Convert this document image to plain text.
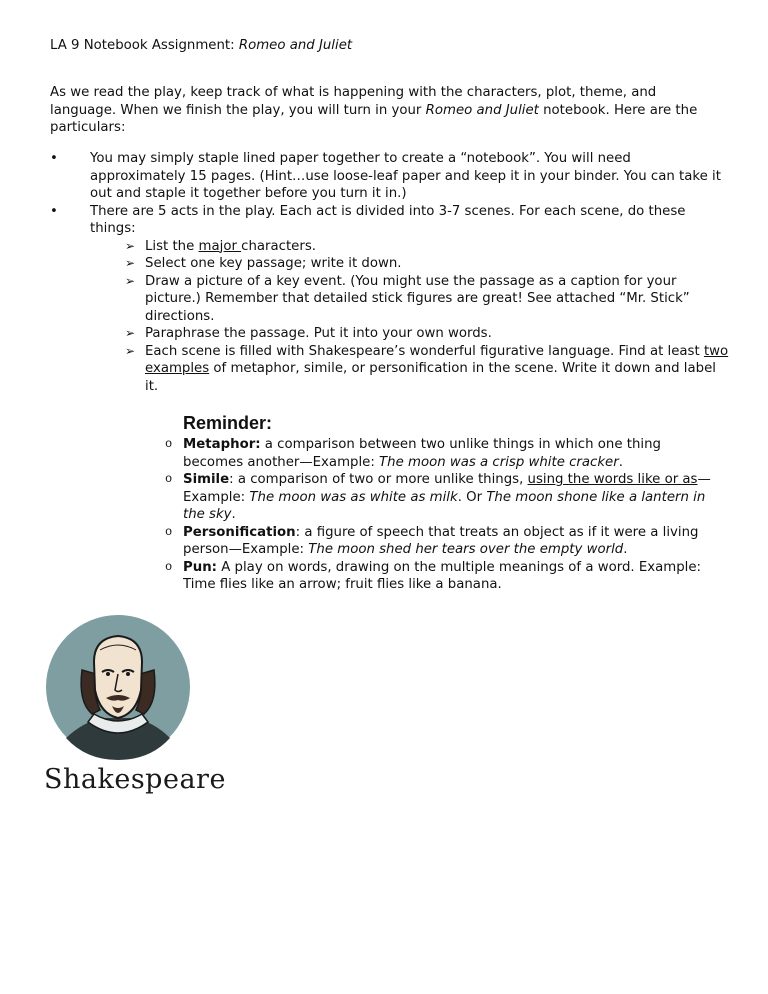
LA 9 Notebook Assignment: Romeo and Juliet

As we read the play, keep track of what is happening with the characters, plot, theme, and language. When we finish the play, you will turn in your Romeo and Juliet notebook. Here are the particulars:

• You may simply staple lined paper together to create a “notebook”. You will need approximately 15 pages. (Hint…use loose-leaf paper and keep it in your binder. You can take it out and staple it together before you turn it in.)
• There are 5 acts in the play. Each act is divided into 3-7 scenes. For each scene, do these things:
➢ List the major characters.
➢ Select one key passage; write it down.
➢ Draw a picture of a key event. (You might use the passage as a caption for your picture.) Remember that detailed stick figures are great! See attached “Mr. Stick” directions.
➢ Paraphrase the passage. Put it into your own words.
➢ Each scene is filled with Shakespeare’s wonderful figurative language. Find at least two examples of metaphor, simile, or personification in the scene. Write it down and label it.
Reminder:
o Metaphor: a comparison between two unlike things in which one thing becomes another—Example: The moon was a crisp white cracker.
o Simile: a comparison of two or more unlike things, using the words like or as—Example: The moon was as white as milk. Or The moon shone like a lantern in the sky.
o Personification: a figure of speech that treats an object as if it were a living person—Example: The moon shed her tears over the empty world.
o Pun: A play on words, drawing on the multiple meanings of a word. Example: Time flies like an arrow; fruit flies like a banana.
Shakespeare
